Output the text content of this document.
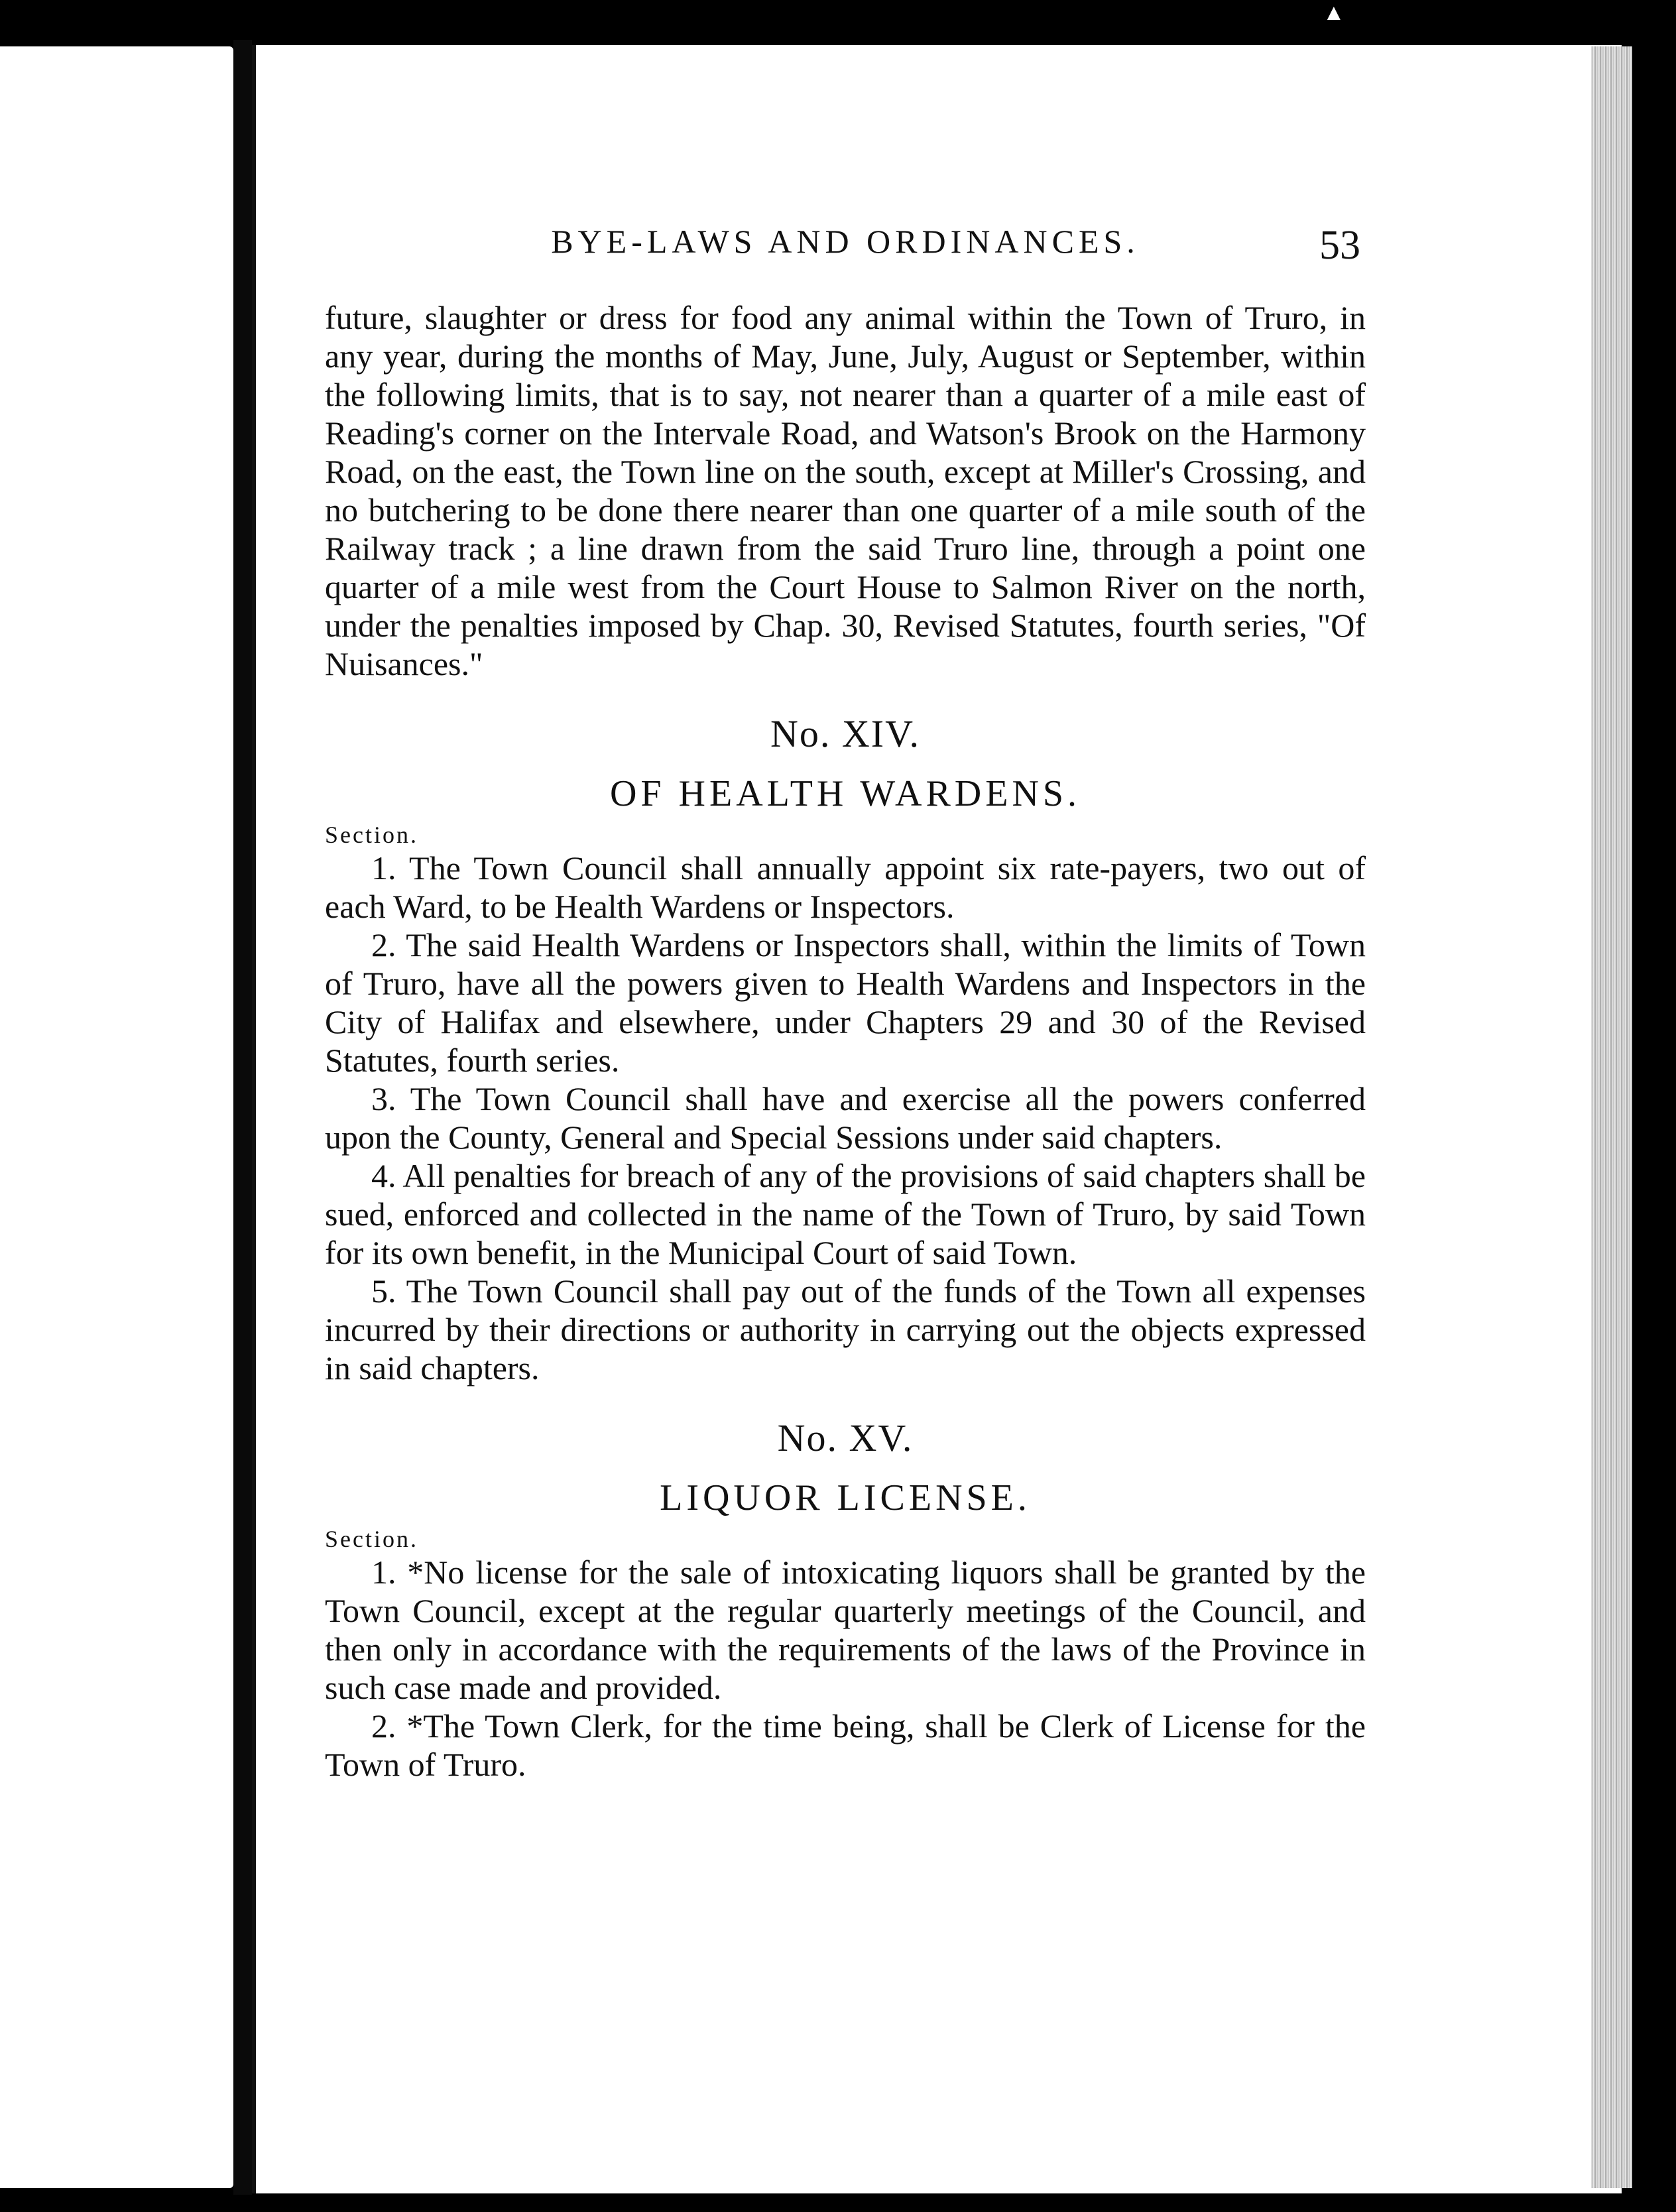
▲
BYE-LAWS AND ORDINANCES.	53

future, slaughter or dress for food any animal within the Town of Truro, in any year, during the months of May, June, July, August or September, within the following limits, that is to say, not nearer than a quarter of a mile east of Reading's corner on the Intervale Road, and Watson's Brook on the Harmony Road, on the east, the Town line on the south, except at Miller's Crossing, and no butchering to be done there nearer than one quarter of a mile south of the Railway track ; a line drawn from the said Truro line, through a point one quarter of a mile west from the Court House to Salmon River on the north, under the penalties imposed by Chap. 30, Revised Statutes, fourth series, "Of Nuisances."

No. XIV.
OF HEALTH WARDENS.
Section.

1. The Town Council shall annually appoint six rate-payers, two out of each Ward, to be Health Wardens or Inspectors.

2. The said Health Wardens or Inspectors shall, within the limits of Town of Truro, have all the powers given to Health Wardens and Inspectors in the City of Halifax and elsewhere, under Chapters 29 and 30 of the Revised Statutes, fourth series.

3. The Town Council shall have and exercise all the powers conferred upon the County, General and Special Sessions under said chapters.

4. All penalties for breach of any of the provisions of said chapters shall be sued, enforced and collected in the name of the Town of Truro, by said Town for its own benefit, in the Municipal Court of said Town.

5. The Town Council shall pay out of the funds of the Town all expenses incurred by their directions or authority in carrying out the objects expressed in said chapters.

No. XV.
LIQUOR LICENSE.
Section.

1. *No license for the sale of intoxicating liquors shall be granted by the Town Council, except at the regular quarterly meetings of the Council, and then only in accordance with the requirements of the laws of the Province in such case made and provided.

2. *The Town Clerk, for the time being, shall be Clerk of License for the Town of Truro.
